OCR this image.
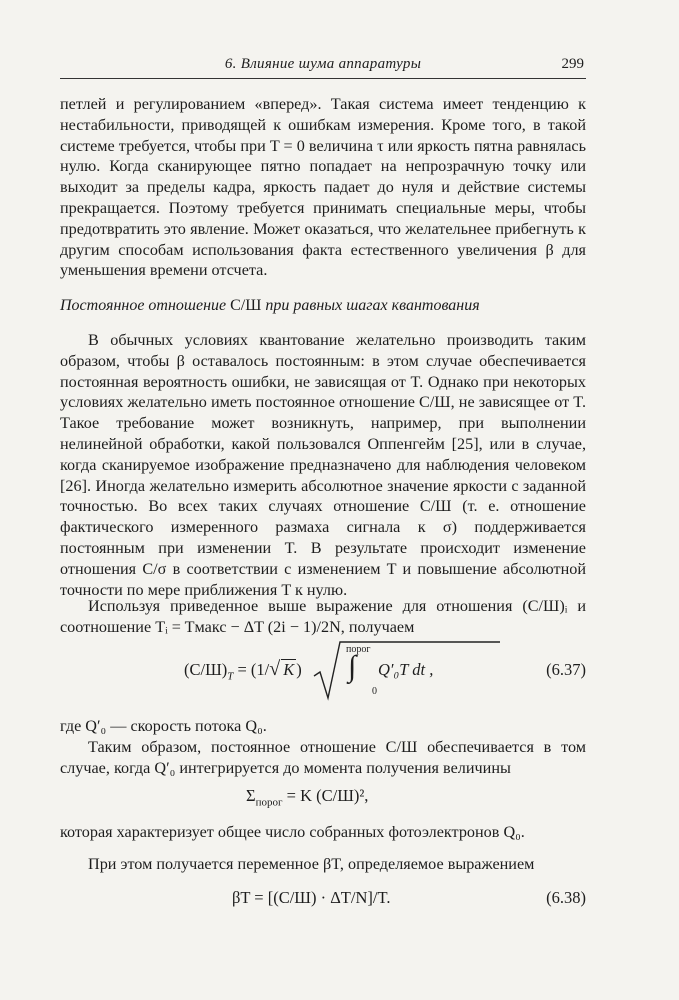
6. Влияние шума аппаратуры	299

петлей и регулированием «вперед». Такая система имеет тенденцию к нестабильности, приводящей к ошибкам измерения. Кроме того, в такой системе требуется, чтобы при T = 0 величина τ или яркость пятна равнялась нулю. Когда сканирующее пятно попадает на непрозрачную точку или выходит за пределы кадра, яркость падает до нуля и действие системы прекращается. Поэтому требуется принимать специальные меры, чтобы предотвратить это явление. Может оказаться, что желательнее прибегнуть к другим способам использования факта естественного увеличения β для уменьшения времени отсчета.

Постоянное отношение С/Ш при равных шагах квантования

В обычных условиях квантование желательно производить таким образом, чтобы β оставалось постоянным: в этом случае обеспечивается постоянная вероятность ошибки, не зависящая от T. Однако при некоторых условиях желательно иметь постоянное отношение С/Ш, не зависящее от T. Такое требование может возникнуть, например, при выполнении нелинейной обработки, какой пользовался Оппенгейм [25], или в случае, когда сканируемое изображение предназначено для наблюдения человеком [26]. Иногда желательно измерить абсолютное значение яркости с заданной точностью. Во всех таких случаях отношение С/Ш (т. е. отношение фактического измеренного размаха сигнала к σ) поддерживается постоянным при изменении T. В результате происходит изменение отношения С/σ в соответствии с изменением T и повышение абсолютной точности по мере приближения T к нулю.

Используя приведенное выше выражение для отношения (С/Ш)ᵢ и соотношение Tᵢ = Tмакс − ΔT (2i − 1)/2N, получаем

$(С/Ш)_T = (1/√$ K )
порог
∫
0
Q′₀T dt ,	(6.37)

где Q′₀ — скорость потока Q₀.

Таким образом, постоянное отношение С/Ш обеспечивается в том случае, когда Q′₀ интегрируется до момента получения величины

$\Sigma_{порог} = K$ (С/Ш)²,

которая характеризует общее число собранных фотоэлектронов Q₀.

При этом получается переменное βT, определяемое выражением

βT = [(С/Ш) · ΔT/N]/T.	(6.38)
